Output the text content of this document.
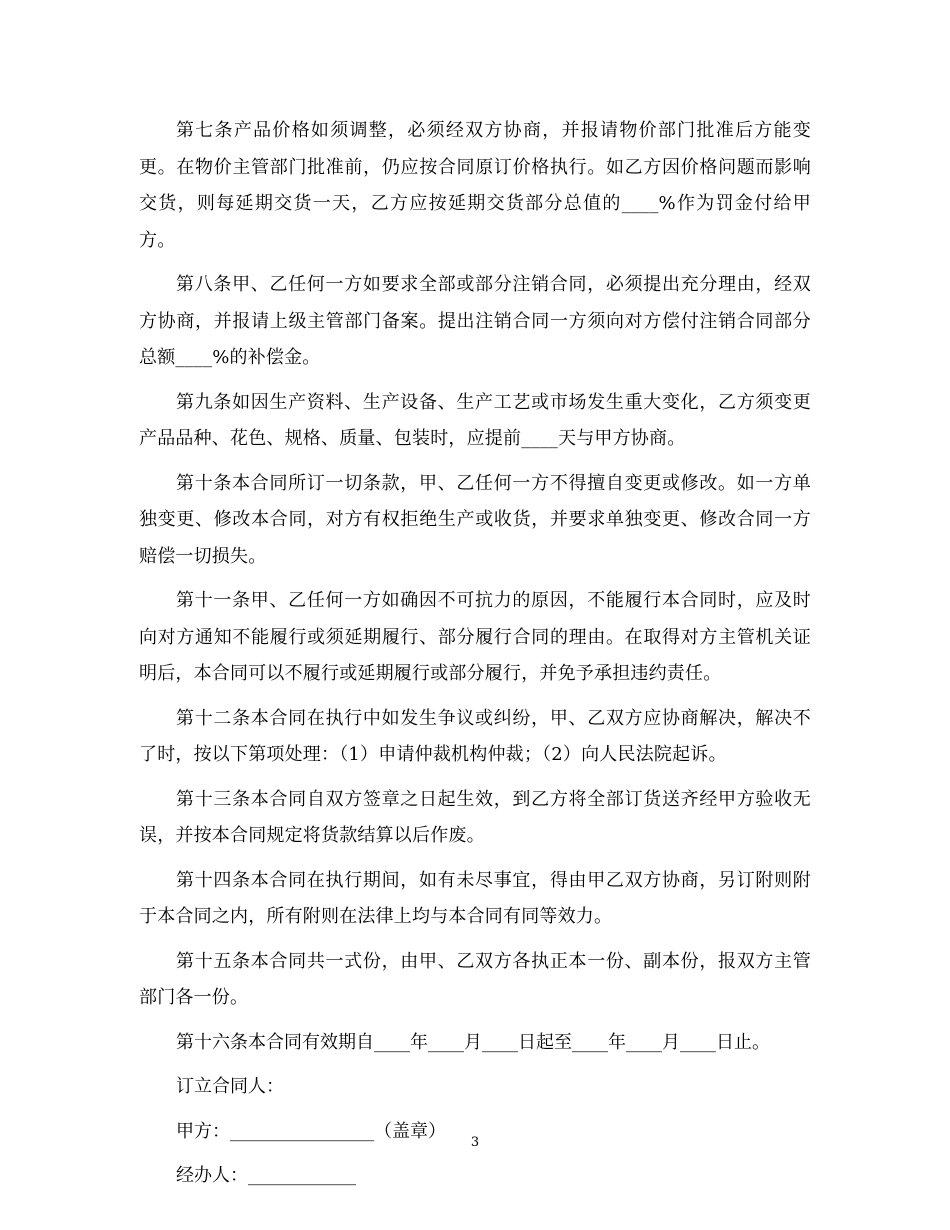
第七条产品价格如须调整，必须经双方协商，并报请物价部门批准后方能变更。在物价主管部门批准前，仍应按合同原订价格执行。如乙方因价格问题而影响交货，则每延期交货一天，乙方应按延期交货部分总值的____%作为罚金付给甲方。

第八条甲、乙任何一方如要求全部或部分注销合同，必须提出充分理由，经双方协商，并报请上级主管部门备案。提出注销合同一方须向对方偿付注销合同部分总额____%的补偿金。

第九条如因生产资料、生产设备、生产工艺或市场发生重大变化，乙方须变更产品品种、花色、规格、质量、包装时，应提前____天与甲方协商。

第十条本合同所订一切条款，甲、乙任何一方不得擅自变更或修改。如一方单独变更、修改本合同，对方有权拒绝生产或收货，并要求单独变更、修改合同一方赔偿一切损失。

第十一条甲、乙任何一方如确因不可抗力的原因，不能履行本合同时，应及时向对方通知不能履行或须延期履行、部分履行合同的理由。在取得对方主管机关证明后，本合同可以不履行或延期履行或部分履行，并免予承担违约责任。

第十二条本合同在执行中如发生争议或纠纷，甲、乙双方应协商解决，解决不了时，按以下第项处理：（1）申请仲裁机构仲裁；（2）向人民法院起诉。

第十三条本合同自双方签章之日起生效，到乙方将全部订货送齐经甲方验收无误，并按本合同规定将货款结算以后作废。

第十四条本合同在执行期间，如有未尽事宜，得由甲乙双方协商，另订附则附于本合同之内，所有附则在法律上均与本合同有同等效力。

第十五条本合同共一式份，由甲、乙双方各执正本一份、副本份，报双方主管部门各一份。

第十六条本合同有效期自____年____月____日起至____年____月____日止。

订立合同人：

甲方：________________（盖章）

经办人：____________

3
